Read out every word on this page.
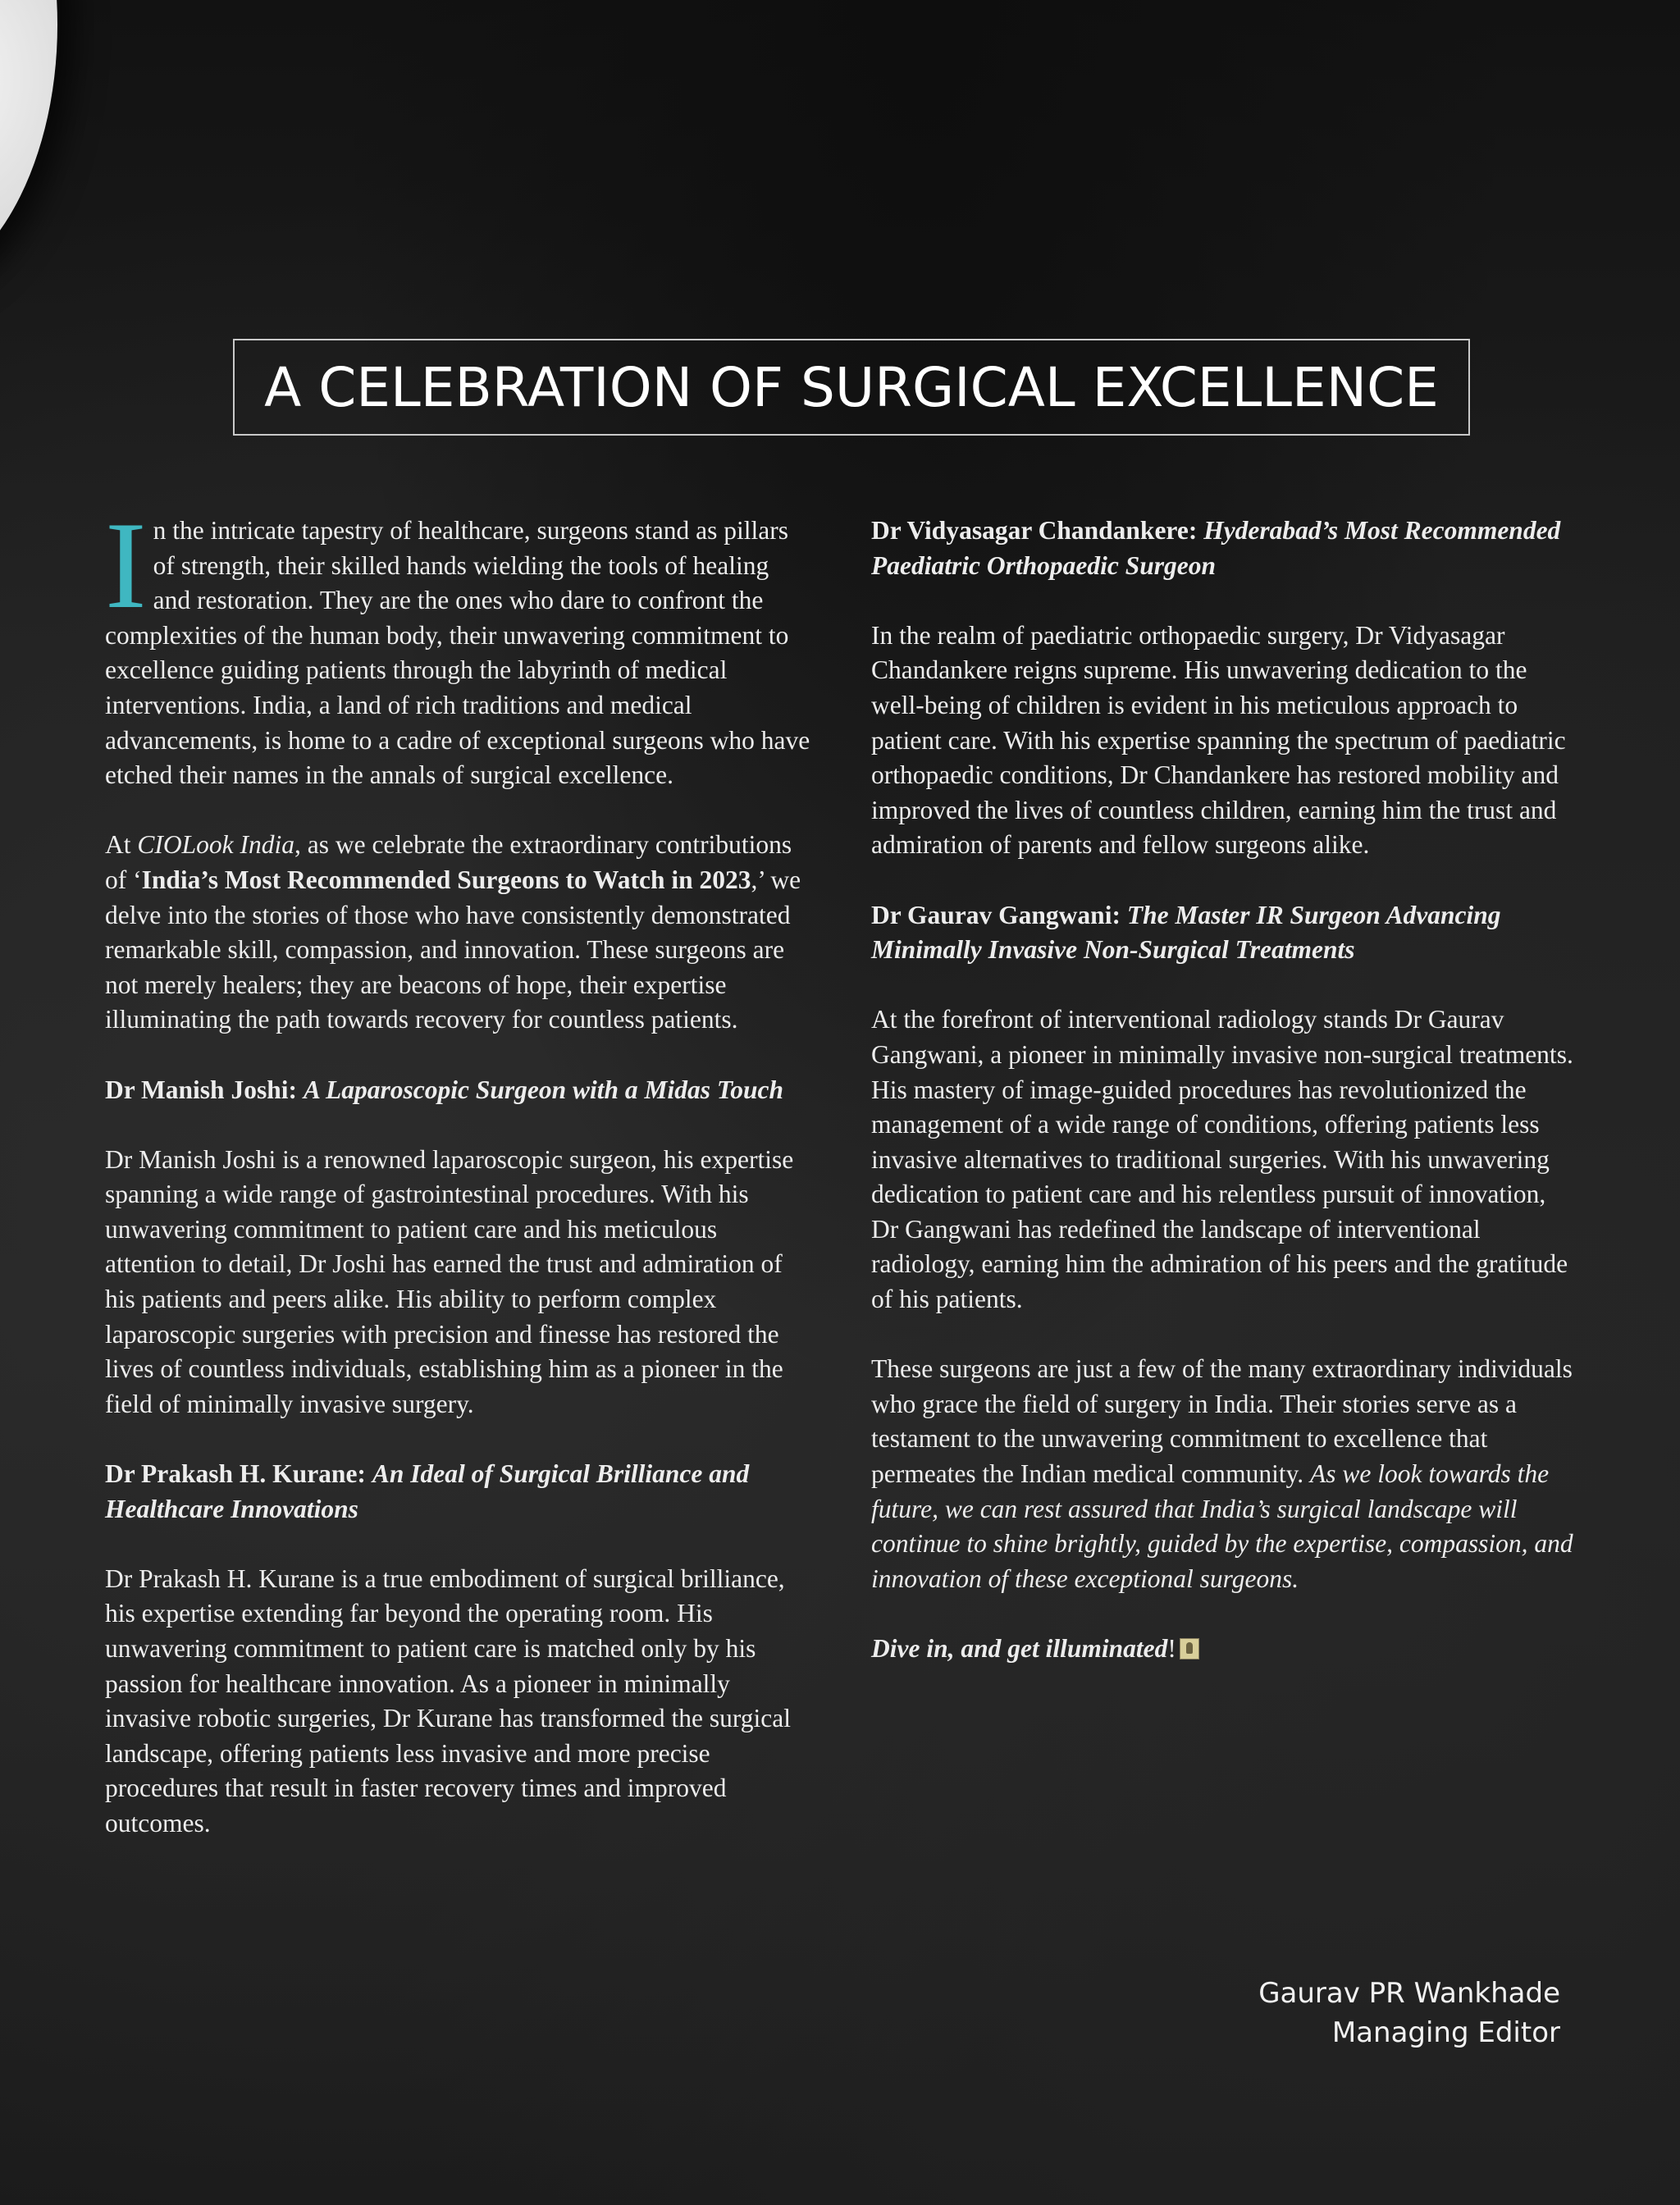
A CELEBRATION OF SURGICAL EXCELLENCE

In the intricate tapestry of healthcare, surgeons stand as pillars of strength, their skilled hands wielding the tools of healing and restoration. They are the ones who dare to confront the complexities of the human body, their unwavering commitment to excellence guiding patients through the labyrinth of medical interventions. India, a land of rich traditions and medical advancements, is home to a cadre of exceptional surgeons who have etched their names in the annals of surgical excellence.

At CIOLook India, as we celebrate the extraordinary contributions of ‘India’s Most Recommended Surgeons to Watch in 2023,’ we delve into the stories of those who have consistently demonstrated remarkable skill, compassion, and innovation. These surgeons are not merely healers; they are beacons of hope, their expertise illuminating the path towards recovery for countless patients.

Dr Manish Joshi: A Laparoscopic Surgeon with a Midas Touch

Dr Manish Joshi is a renowned laparoscopic surgeon, his expertise spanning a wide range of gastrointestinal procedures. With his unwavering commitment to patient care and his meticulous attention to detail, Dr Joshi has earned the trust and admiration of his patients and peers alike. His ability to perform complex laparoscopic surgeries with precision and finesse has restored the lives of countless individuals, establishing him as a pioneer in the field of minimally invasive surgery.

Dr Prakash H. Kurane: An Ideal of Surgical Brilliance and Healthcare Innovations

Dr Prakash H. Kurane is a true embodiment of surgical brilliance, his expertise extending far beyond the operating room. His unwavering commitment to patient care is matched only by his passion for healthcare innovation. As a pioneer in minimally invasive robotic surgeries, Dr Kurane has transformed the surgical landscape, offering patients less invasive and more precise procedures that result in faster recovery times and improved outcomes.

Dr Vidyasagar Chandankere: Hyderabad’s Most Recommended Paediatric Orthopaedic Surgeon

In the realm of paediatric orthopaedic surgery, Dr Vidyasagar Chandankere reigns supreme. His unwavering dedication to the well-being of children is evident in his meticulous approach to patient care. With his expertise spanning the spectrum of paediatric orthopaedic conditions, Dr Chandankere has restored mobility and improved the lives of countless children, earning him the trust and admiration of parents and fellow surgeons alike.

Dr Gaurav Gangwani: The Master IR Surgeon Advancing Minimally Invasive Non-Surgical Treatments

At the forefront of interventional radiology stands Dr Gaurav Gangwani, a pioneer in minimally invasive non-surgical treatments. His mastery of image-guided procedures has revolutionized the management of a wide range of conditions, offering patients less invasive alternatives to traditional surgeries. With his unwavering dedication to patient care and his relentless pursuit of innovation, Dr Gangwani has redefined the landscape of interventional radiology, earning him the admiration of his peers and the gratitude of his patients.

These surgeons are just a few of the many extraordinary individuals who grace the field of surgery in India. Their stories serve as a testament to the unwavering commitment to excellence that permeates the Indian medical community. As we look towards the future, we can rest assured that India’s surgical landscape will continue to shine brightly, guided by the expertise, compassion, and innovation of these exceptional surgeons.

Dive in, and get illuminated!

Gaurav PR Wankhade
Managing Editor
